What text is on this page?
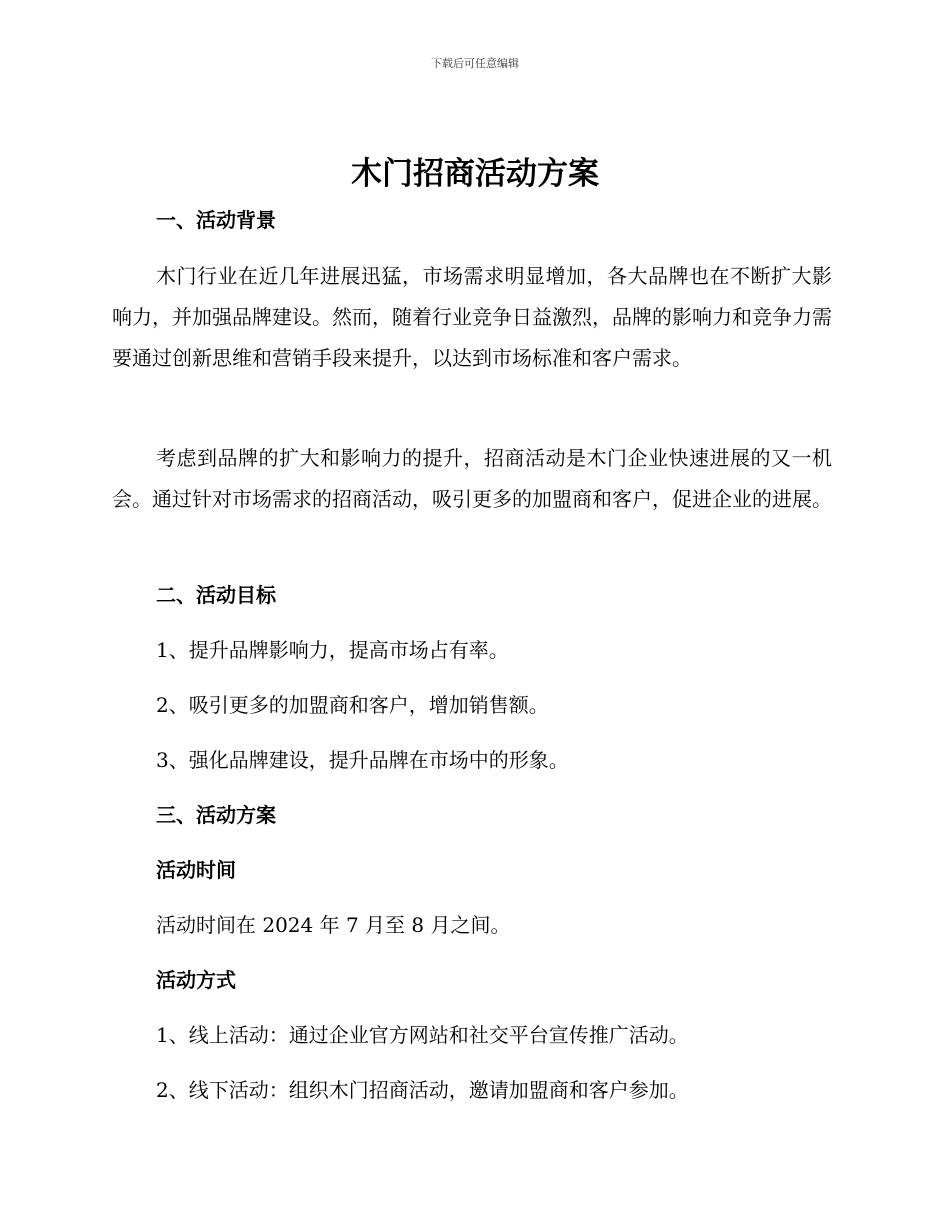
下载后可任意编辑
木门招商活动方案
一、活动背景

木门行业在近几年进展迅猛，市场需求明显增加，各大品牌也在不断扩大影响力，并加强品牌建设。然而，随着行业竞争日益激烈，品牌的影响力和竞争力需要通过创新思维和营销手段来提升，以达到市场标准和客户需求。

考虑到品牌的扩大和影响力的提升，招商活动是木门企业快速进展的又一机会。通过针对市场需求的招商活动，吸引更多的加盟商和客户，促进企业的进展。

二、活动目标
1、提升品牌影响力，提高市场占有率。
2、吸引更多的加盟商和客户，增加销售额。
3、强化品牌建设，提升品牌在市场中的形象。
三、活动方案
活动时间
活动时间在 2024 年 7 月至 8 月之间。
活动方式
1、线上活动：通过企业官方网站和社交平台宣传推广活动。
2、线下活动：组织木门招商活动，邀请加盟商和客户参加。
